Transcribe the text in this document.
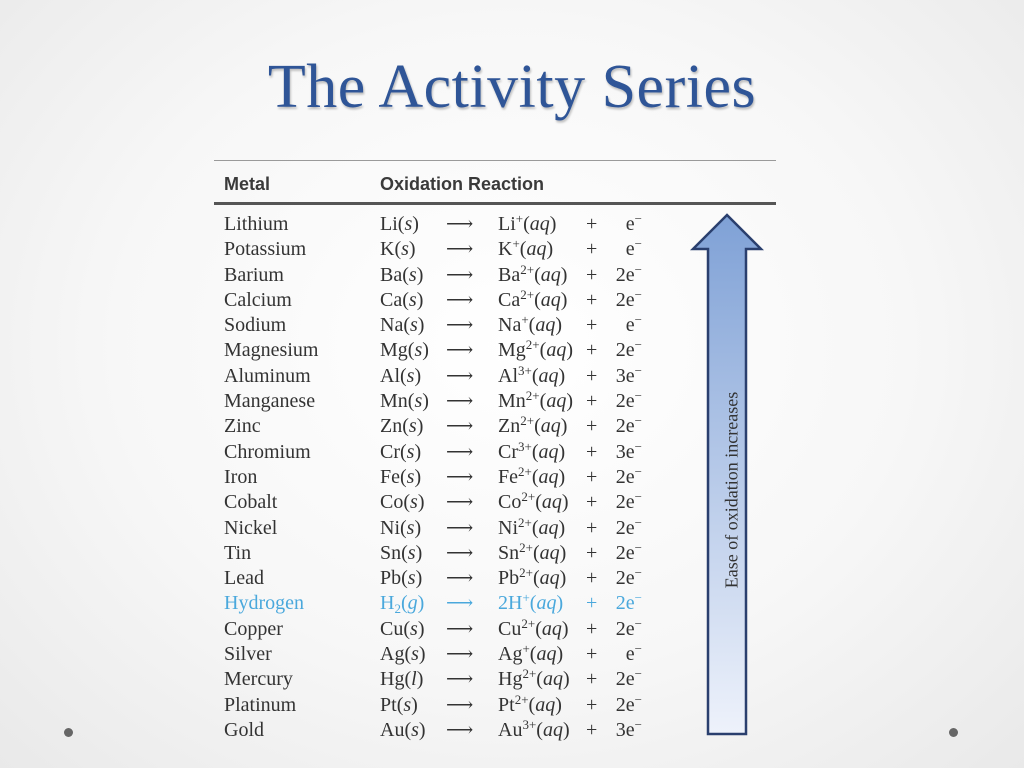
The Activity Series
Metal	Oxidation Reaction
Lithium	Li(s) ⟶ Li+(aq) +	e−
Potassium	K(s) ⟶ K+(aq) +	e−
Barium	Ba(s) ⟶ $Ba^{2+}(aq) + 2e^-$
Calcium	Ca(s) ⟶ $Ca^{2+}(aq) + 2e^-$
Sodium	Na(s) ⟶ Na+(aq) +	e−
Magnesium	Mg(s) ⟶ $Mg^{2+}(aq) + 2e^-$
Aluminum	Al(s) ⟶ $Al^{3+}(aq) + 3e^-$
Manganese	Mn(s) ⟶ $Mn^{2+}(aq) + 2e^-$
Zinc	Zn(s) ⟶ $Zn^{2+}(aq) + 2e^-$
Chromium	Cr(s) ⟶ $Cr^{3+}(aq) + 3e^-$
Iron	Fe(s) ⟶ $Fe^{2+}(aq) + 2e^-$
Cobalt	Co(s) ⟶ $Co^{2+}(aq) + 2e^-$
Nickel	Ni(s) ⟶ $Ni^{2+}(aq) + 2e^-$
Tin	Sn(s) ⟶ $Sn^{2+}(aq) + 2e^-$
Lead	Pb(s) ⟶ $Pb^{2+}(aq) + 2e^-$
Hydrogen	$H_2(g)$ ⟶ 2H+(aq) + 2e−
Copper	Cu(s) ⟶ $Cu^{2+}(aq) + 2e^-$
Silver	Ag(s) ⟶ Ag+(aq) +	e−
Mercury	Hg(l) ⟶ $Hg^{2+}(aq) + 2e^-$
Platinum	Pt(s) ⟶ $Pt^{2+}(aq) + 2e^-$
Gold	Au(s) ⟶ $Au^{3+}(aq) + 3e^-$
Ease of oxidation increases
